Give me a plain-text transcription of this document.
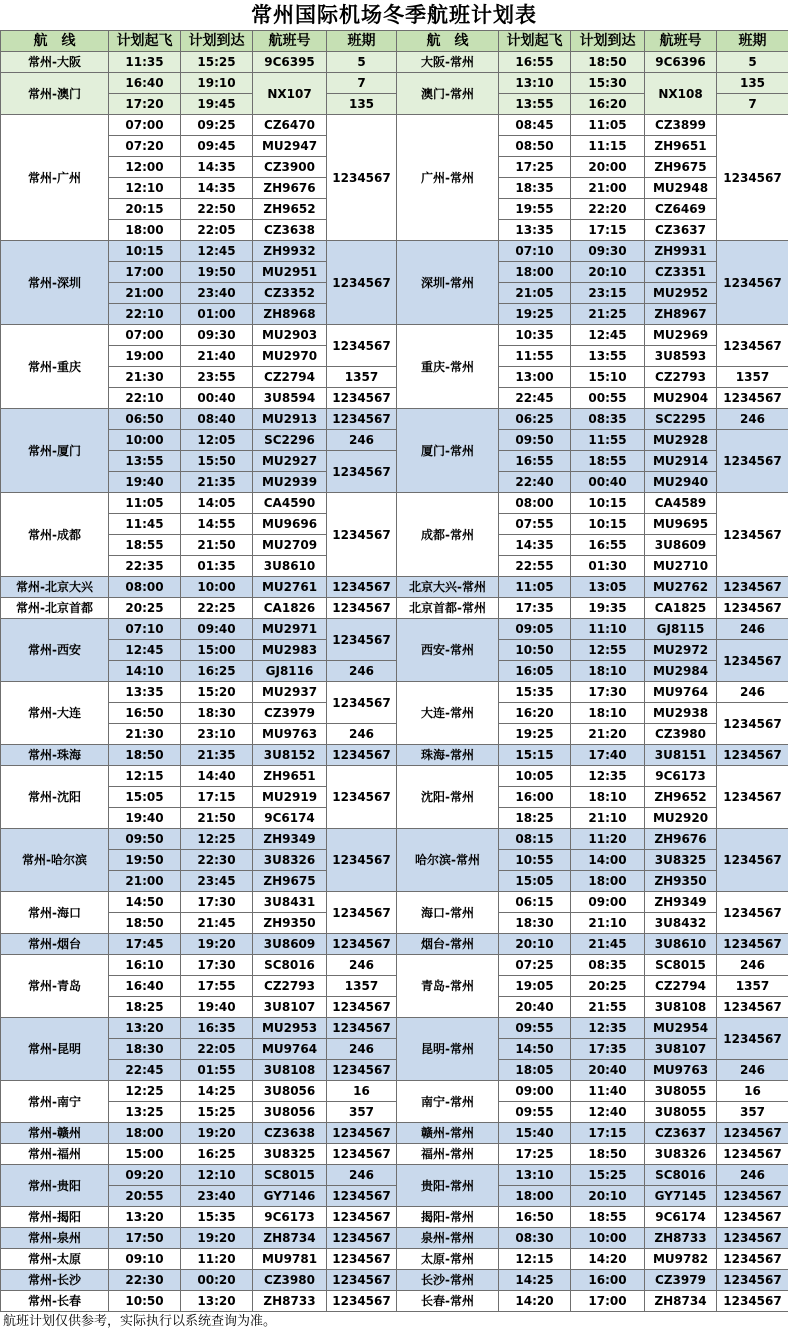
常州国际机场冬季航班计划表
航　线	计划起飞	计划到达	航班号	班期	航　线	计划起飞	计划到达	航班号	班期
常州-大阪	11:35	15:25	9C6395	5	大阪-常州	16:55	18:50	9C6396	5
常州-澳门	16:40	19:10	NX107	7	澳门-常州	13:10	15:30	NX108	135
	17:20	19:45		135		13:55	16:20		7
常州-广州	07:00	09:25	CZ6470	1234567	广州-常州	08:45	11:05	CZ3899	1234567
	07:20	09:45	MU2947			08:50	11:15	ZH9651	
	12:00	14:35	CZ3900			17:25	20:00	ZH9675	
	12:10	14:35	ZH9676			18:35	21:00	MU2948	
	20:15	22:50	ZH9652			19:55	22:20	CZ6469	
	18:00	22:05	CZ3638			13:35	17:15	CZ3637	
常州-深圳	10:15	12:45	ZH9932	1234567	深圳-常州	07:10	09:30	ZH9931	1234567
	17:00	19:50	MU2951			18:00	20:10	CZ3351	
	21:00	23:40	CZ3352			21:05	23:15	MU2952	
	22:10	01:00	ZH8968			19:25	21:25	ZH8967	
常州-重庆	07:00	09:30	MU2903	1234567	重庆-常州	10:35	12:45	MU2969	1234567
	19:00	21:40	MU2970			11:55	13:55	3U8593	
	21:30	23:55	CZ2794	1357		13:00	15:10	CZ2793	1357
	22:10	00:40	3U8594	1234567		22:45	00:55	MU2904	1234567
常州-厦门	06:50	08:40	MU2913	1234567	厦门-常州	06:25	08:35	SC2295	246
	10:00	12:05	SC2296	246		09:50	11:55	MU2928	1234567
	13:55	15:50	MU2927	1234567		16:55	18:55	MU2914	
	19:40	21:35	MU2939			22:40	00:40	MU2940	
常州-成都	11:05	14:05	CA4590	1234567	成都-常州	08:00	10:15	CA4589	1234567
	11:45	14:55	MU9696			07:55	10:15	MU9695	
	18:55	21:50	MU2709			14:35	16:55	3U8609	
	22:35	01:35	3U8610			22:55	01:30	MU2710	
常州-北京大兴	08:00	10:00	MU2761	1234567	北京大兴-常州	11:05	13:05	MU2762	1234567
常州-北京首都	20:25	22:25	CA1826	1234567	北京首都-常州	17:35	19:35	CA1825	1234567
常州-西安	07:10	09:40	MU2971	1234567	西安-常州	09:05	11:10	GJ8115	246
	12:45	15:00	MU2983			10:50	12:55	MU2972	1234567
	14:10	16:25	GJ8116	246		16:05	18:10	MU2984	
常州-大连	13:35	15:20	MU2937	1234567	大连-常州	15:35	17:30	MU9764	246
	16:50	18:30	CZ3979			16:20	18:10	MU2938	1234567
	21:30	23:10	MU9763	246		19:25	21:20	CZ3980	
常州-珠海	18:50	21:35	3U8152	1234567	珠海-常州	15:15	17:40	3U8151	1234567
常州-沈阳	12:15	14:40	ZH9651	1234567	沈阳-常州	10:05	12:35	9C6173	1234567
	15:05	17:15	MU2919			16:00	18:10	ZH9652	
	19:40	21:50	9C6174			18:25	21:10	MU2920	
常州-哈尔滨	09:50	12:25	ZH9349	1234567	哈尔滨-常州	08:15	11:20	ZH9676	1234567
	19:50	22:30	3U8326			10:55	14:00	3U8325	
	21:00	23:45	ZH9675			15:05	18:00	ZH9350	
常州-海口	14:50	17:30	3U8431	1234567	海口-常州	06:15	09:00	ZH9349	1234567
	18:50	21:45	ZH9350			18:30	21:10	3U8432	
常州-烟台	17:45	19:20	3U8609	1234567	烟台-常州	20:10	21:45	3U8610	1234567
常州-青岛	16:10	17:30	SC8016	246	青岛-常州	07:25	08:35	SC8015	246
	16:40	17:55	CZ2793	1357		19:05	20:25	CZ2794	1357
	18:25	19:40	3U8107	1234567		20:40	21:55	3U8108	1234567
常州-昆明	13:20	16:35	MU2953	1234567	昆明-常州	09:55	12:35	MU2954	1234567
	18:30	22:05	MU9764	246		14:50	17:35	3U8107	
	22:45	01:55	3U8108	1234567		18:05	20:40	MU9763	246
常州-南宁	12:25	14:25	3U8056	16	南宁-常州	09:00	11:40	3U8055	16
	13:25	15:25	3U8056	357		09:55	12:40	3U8055	357
常州-赣州	18:00	19:20	CZ3638	1234567	赣州-常州	15:40	17:15	CZ3637	1234567
常州-福州	15:00	16:25	3U8325	1234567	福州-常州	17:25	18:50	3U8326	1234567
常州-贵阳	09:20	12:10	SC8015	246	贵阳-常州	13:10	15:25	SC8016	246
	20:55	23:40	GY7146	1234567		18:00	20:10	GY7145	1234567
常州-揭阳	13:20	15:35	9C6173	1234567	揭阳-常州	16:50	18:55	9C6174	1234567
常州-泉州	17:50	19:20	ZH8734	1234567	泉州-常州	08:30	10:00	ZH8733	1234567
常州-太原	09:10	11:20	MU9781	1234567	太原-常州	12:15	14:20	MU9782	1234567
常州-长沙	22:30	00:20	CZ3980	1234567	长沙-常州	14:25	16:00	CZ3979	1234567
常州-长春	10:50	13:20	ZH8733	1234567	长春-常州	14:20	17:00	ZH8734	1234567
航班计划仅供参考，实际执行以系统查询为准。
